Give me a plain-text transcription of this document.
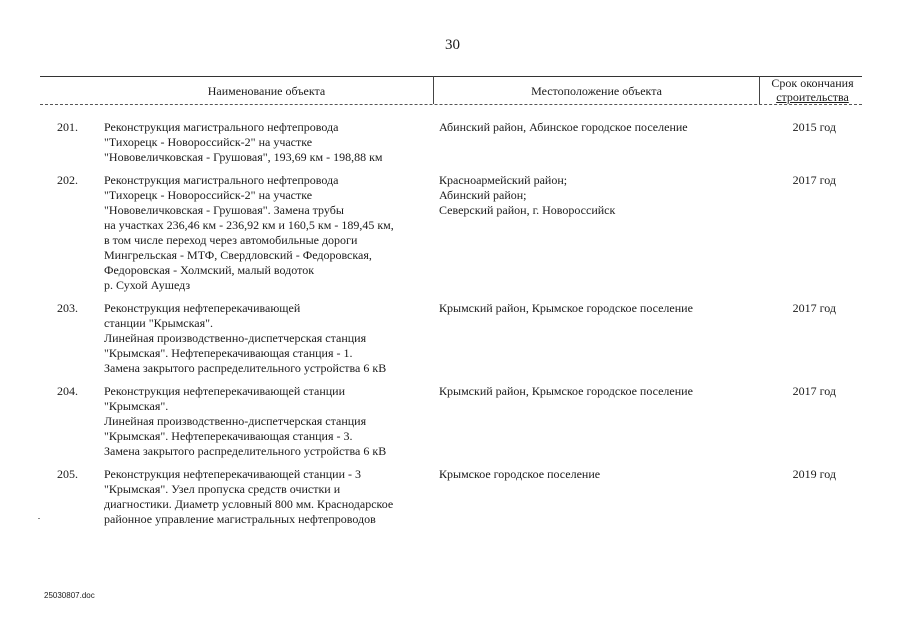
30
Наименование объекта	Местоположение объекта
Срок окончания
строительства
201.	Реконструкция магистрального нефтепровода
"Тихорецк - Новороссийск-2" на участке
"Нововеличковская - Грушовая", 193,69 км - 198,88 км
Абинский район, Абинское городское поселение	2015 год
202.	Реконструкция магистрального нефтепровода
"Тихорецк - Новороссийск-2" на участке
"Нововеличковская - Грушовая". Замена трубы
на участках 236,46 км - 236,92 км и 160,5 км - 189,45 км,
в том числе переход через автомобильные дороги
Мингрельская - МТФ, Свердловский - Федоровская,
Федоровская - Холмский, малый водоток
р. Сухой Аушедз
Красноармейский район;
Абинский район;
Северский район, г. Новороссийск
2017 год
203.	Реконструкция нефтеперекачивающей
станции "Крымская".
Линейная производственно-диспетчерская станция
"Крымская". Нефтеперекачивающая станция - 1.
Замена закрытого распределительного устройства 6 кВ
Крымский район, Крымское городское поселение	2017 год
204.	Реконструкция нефтеперекачивающей станции
"Крымская".
Линейная производственно-диспетчерская станция
"Крымская". Нефтеперекачивающая станция - 3.
Замена закрытого распределительного устройства 6 кВ
Крымский район, Крымское городское поселение	2017 год
205.	Реконструкция нефтеперекачивающей станции - 3
"Крымская". Узел пропуска средств очистки и
диагностики. Диаметр условный 800 мм. Краснодарское
районное управление магистральных нефтепроводов
Крымское городское поселение	2019 год
25030807.doc
